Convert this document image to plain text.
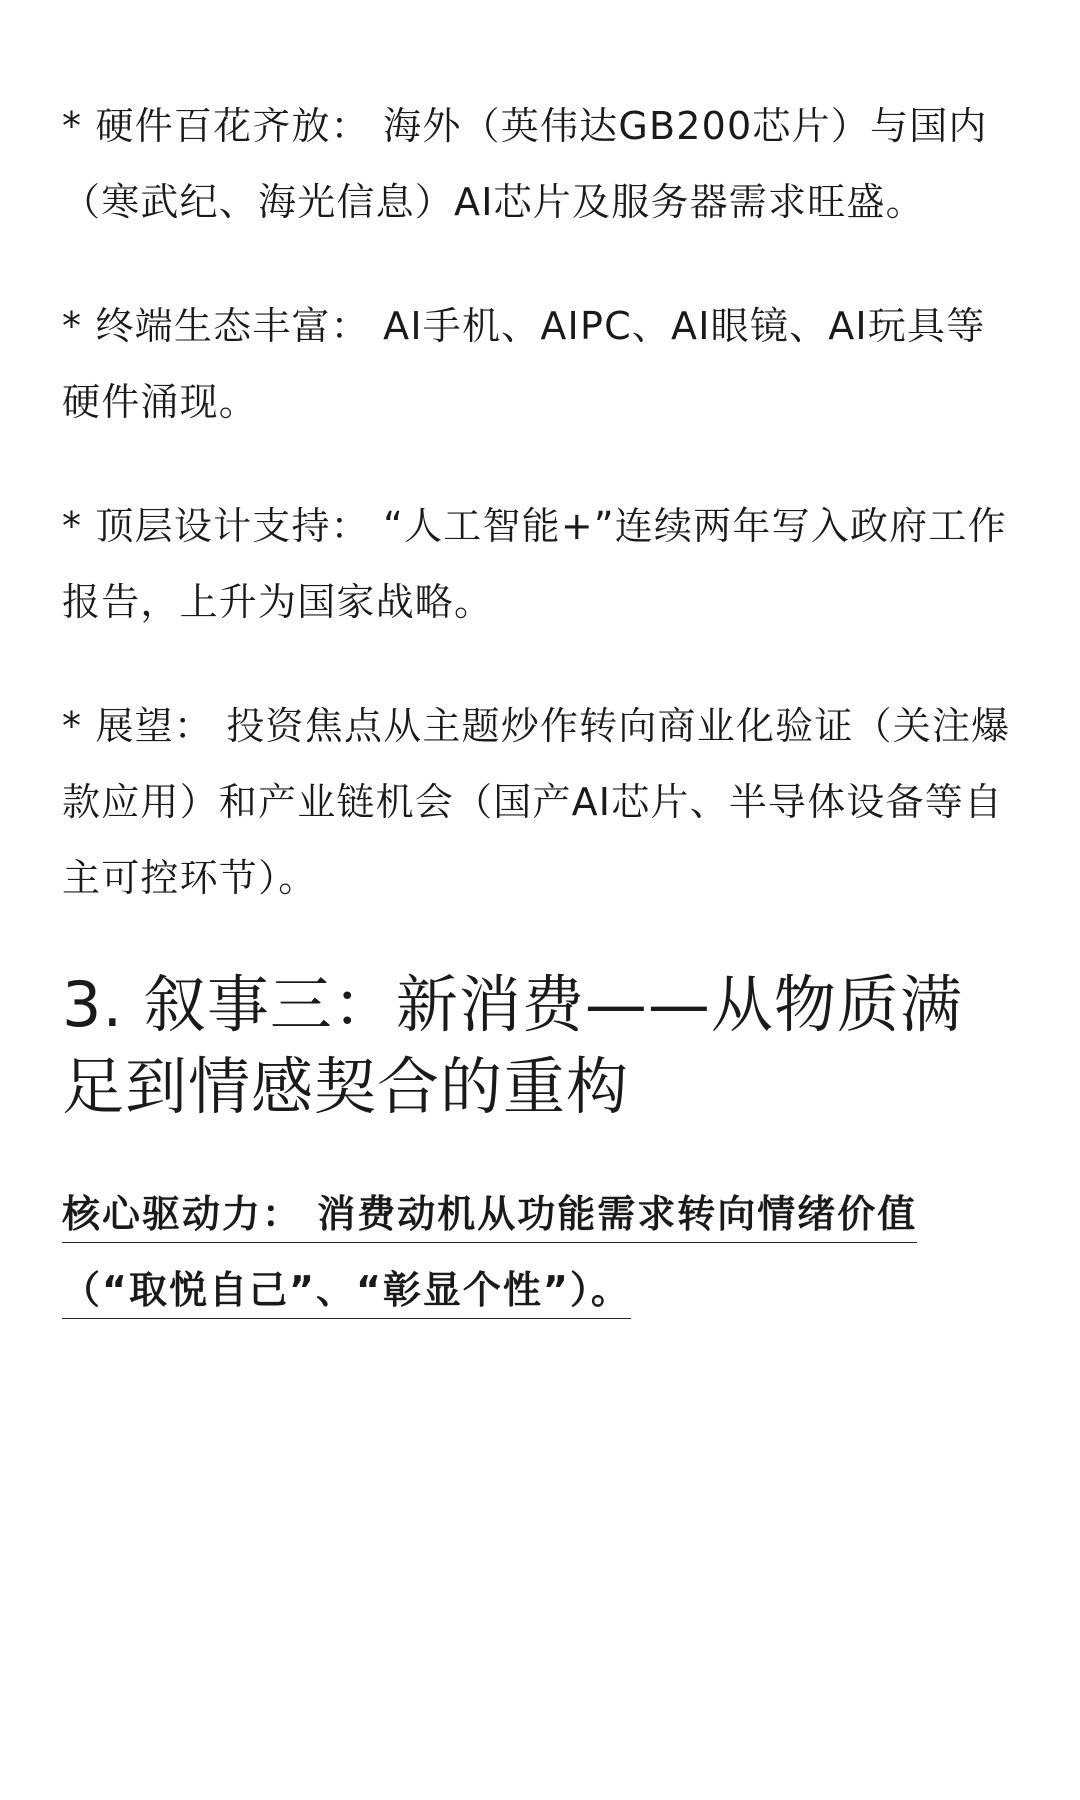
* 硬件百花齐放： 海外（英伟达GB200芯片）与国内（寒武纪、海光信息）AI芯片及服务器需求旺盛。

* 终端生态丰富： AI手机、AIPC、AI眼镜、AI玩具等硬件涌现。

* 顶层设计支持： “人工智能+”连续两年写入政府工作报告，上升为国家战略。

* 展望： 投资焦点从主题炒作转向商业化验证（关注爆款应用）和产业链机会（国产AI芯片、半导体设备等自主可控环节）。

3. 叙事三：新消费——从物质满足到情感契合的重构

核心驱动力： 消费动机从功能需求转向情绪价值（“取悦自己”、“彰显个性”）。
